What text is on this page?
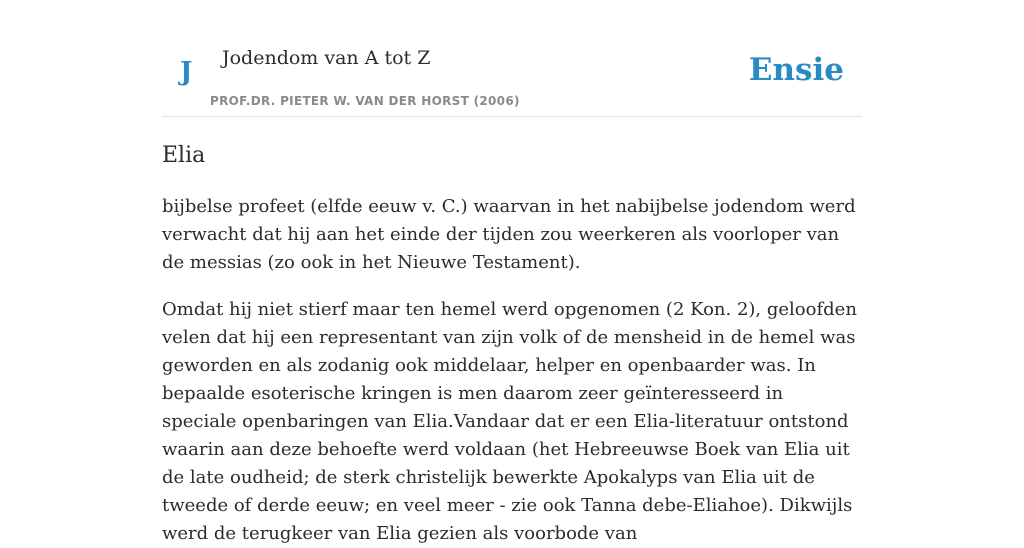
J Jodendom van A tot Z
PROF.DR. PIETER W. VAN DER HORST (2006)
Ensie
Elia

bijbelse profeet (elfde eeuw v. C.) waarvan in het nabijbelse jodendom werd verwacht dat hij aan het einde der tijden zou weerkeren als voorloper van de messias (zo ook in het Nieuwe Testament).

Omdat hij niet stierf maar ten hemel werd opgenomen (2 Kon. 2), geloofden velen dat hij een representant van zijn volk of de mensheid in de hemel was geworden en als zodanig ook middelaar, helper en openbaarder was. In bepaalde esoterische kringen is men daarom zeer geïnteresseerd in speciale openbaringen van Elia.Vandaar dat er een Elia-literatuur ontstond waarin aan deze behoefte werd voldaan (het Hebreeuwse Boek van Elia uit de late oudheid; de sterk christelijk bewerkte Apokalyps van Elia uit de tweede of derde eeuw; en veel meer - zie ook Tanna debe-Eliahoe). Dikwijls werd de terugkeer van Elia gezien als voorbode van
